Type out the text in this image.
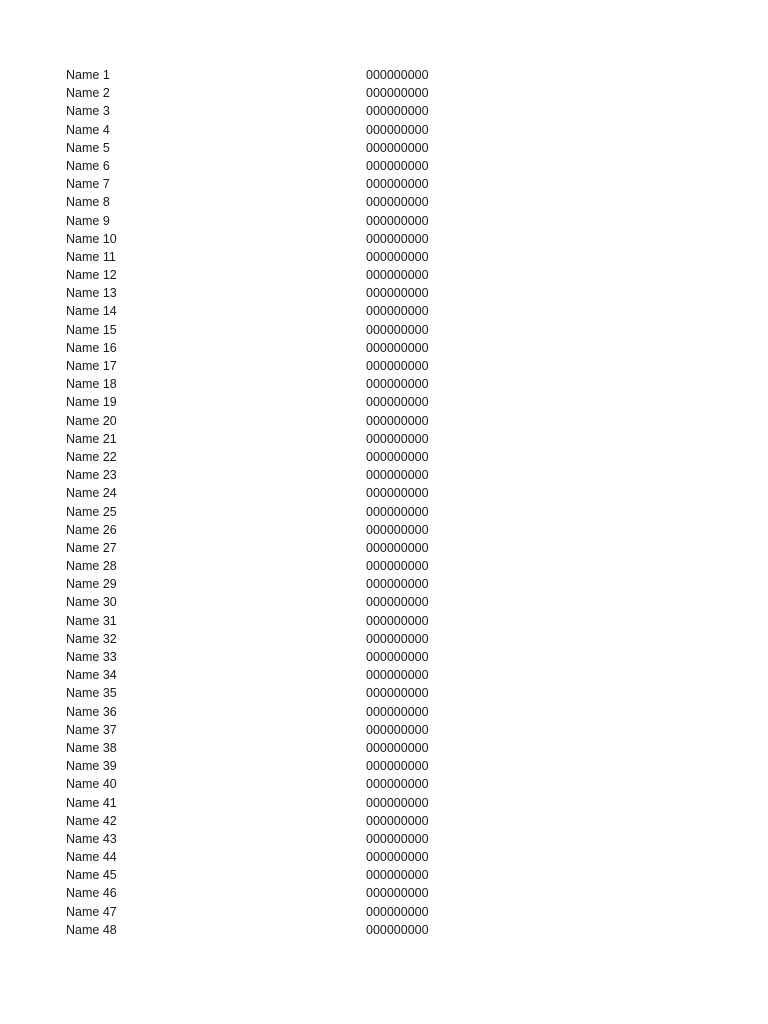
Name 1	000000000
Name 2	000000000
Name 3	000000000
Name 4	000000000
Name 5	000000000
Name 6	000000000
Name 7	000000000
Name 8	000000000
Name 9	000000000
Name 10	000000000
Name 11	000000000
Name 12	000000000
Name 13	000000000
Name 14	000000000
Name 15	000000000
Name 16	000000000
Name 17	000000000
Name 18	000000000
Name 19	000000000
Name 20	000000000
Name 21	000000000
Name 22	000000000
Name 23	000000000
Name 24	000000000
Name 25	000000000
Name 26	000000000
Name 27	000000000
Name 28	000000000
Name 29	000000000
Name 30	000000000
Name 31	000000000
Name 32	000000000
Name 33	000000000
Name 34	000000000
Name 35	000000000
Name 36	000000000
Name 37	000000000
Name 38	000000000
Name 39	000000000
Name 40	000000000
Name 41	000000000
Name 42	000000000
Name 43	000000000
Name 44	000000000
Name 45	000000000
Name 46	000000000
Name 47	000000000
Name 48	000000000
